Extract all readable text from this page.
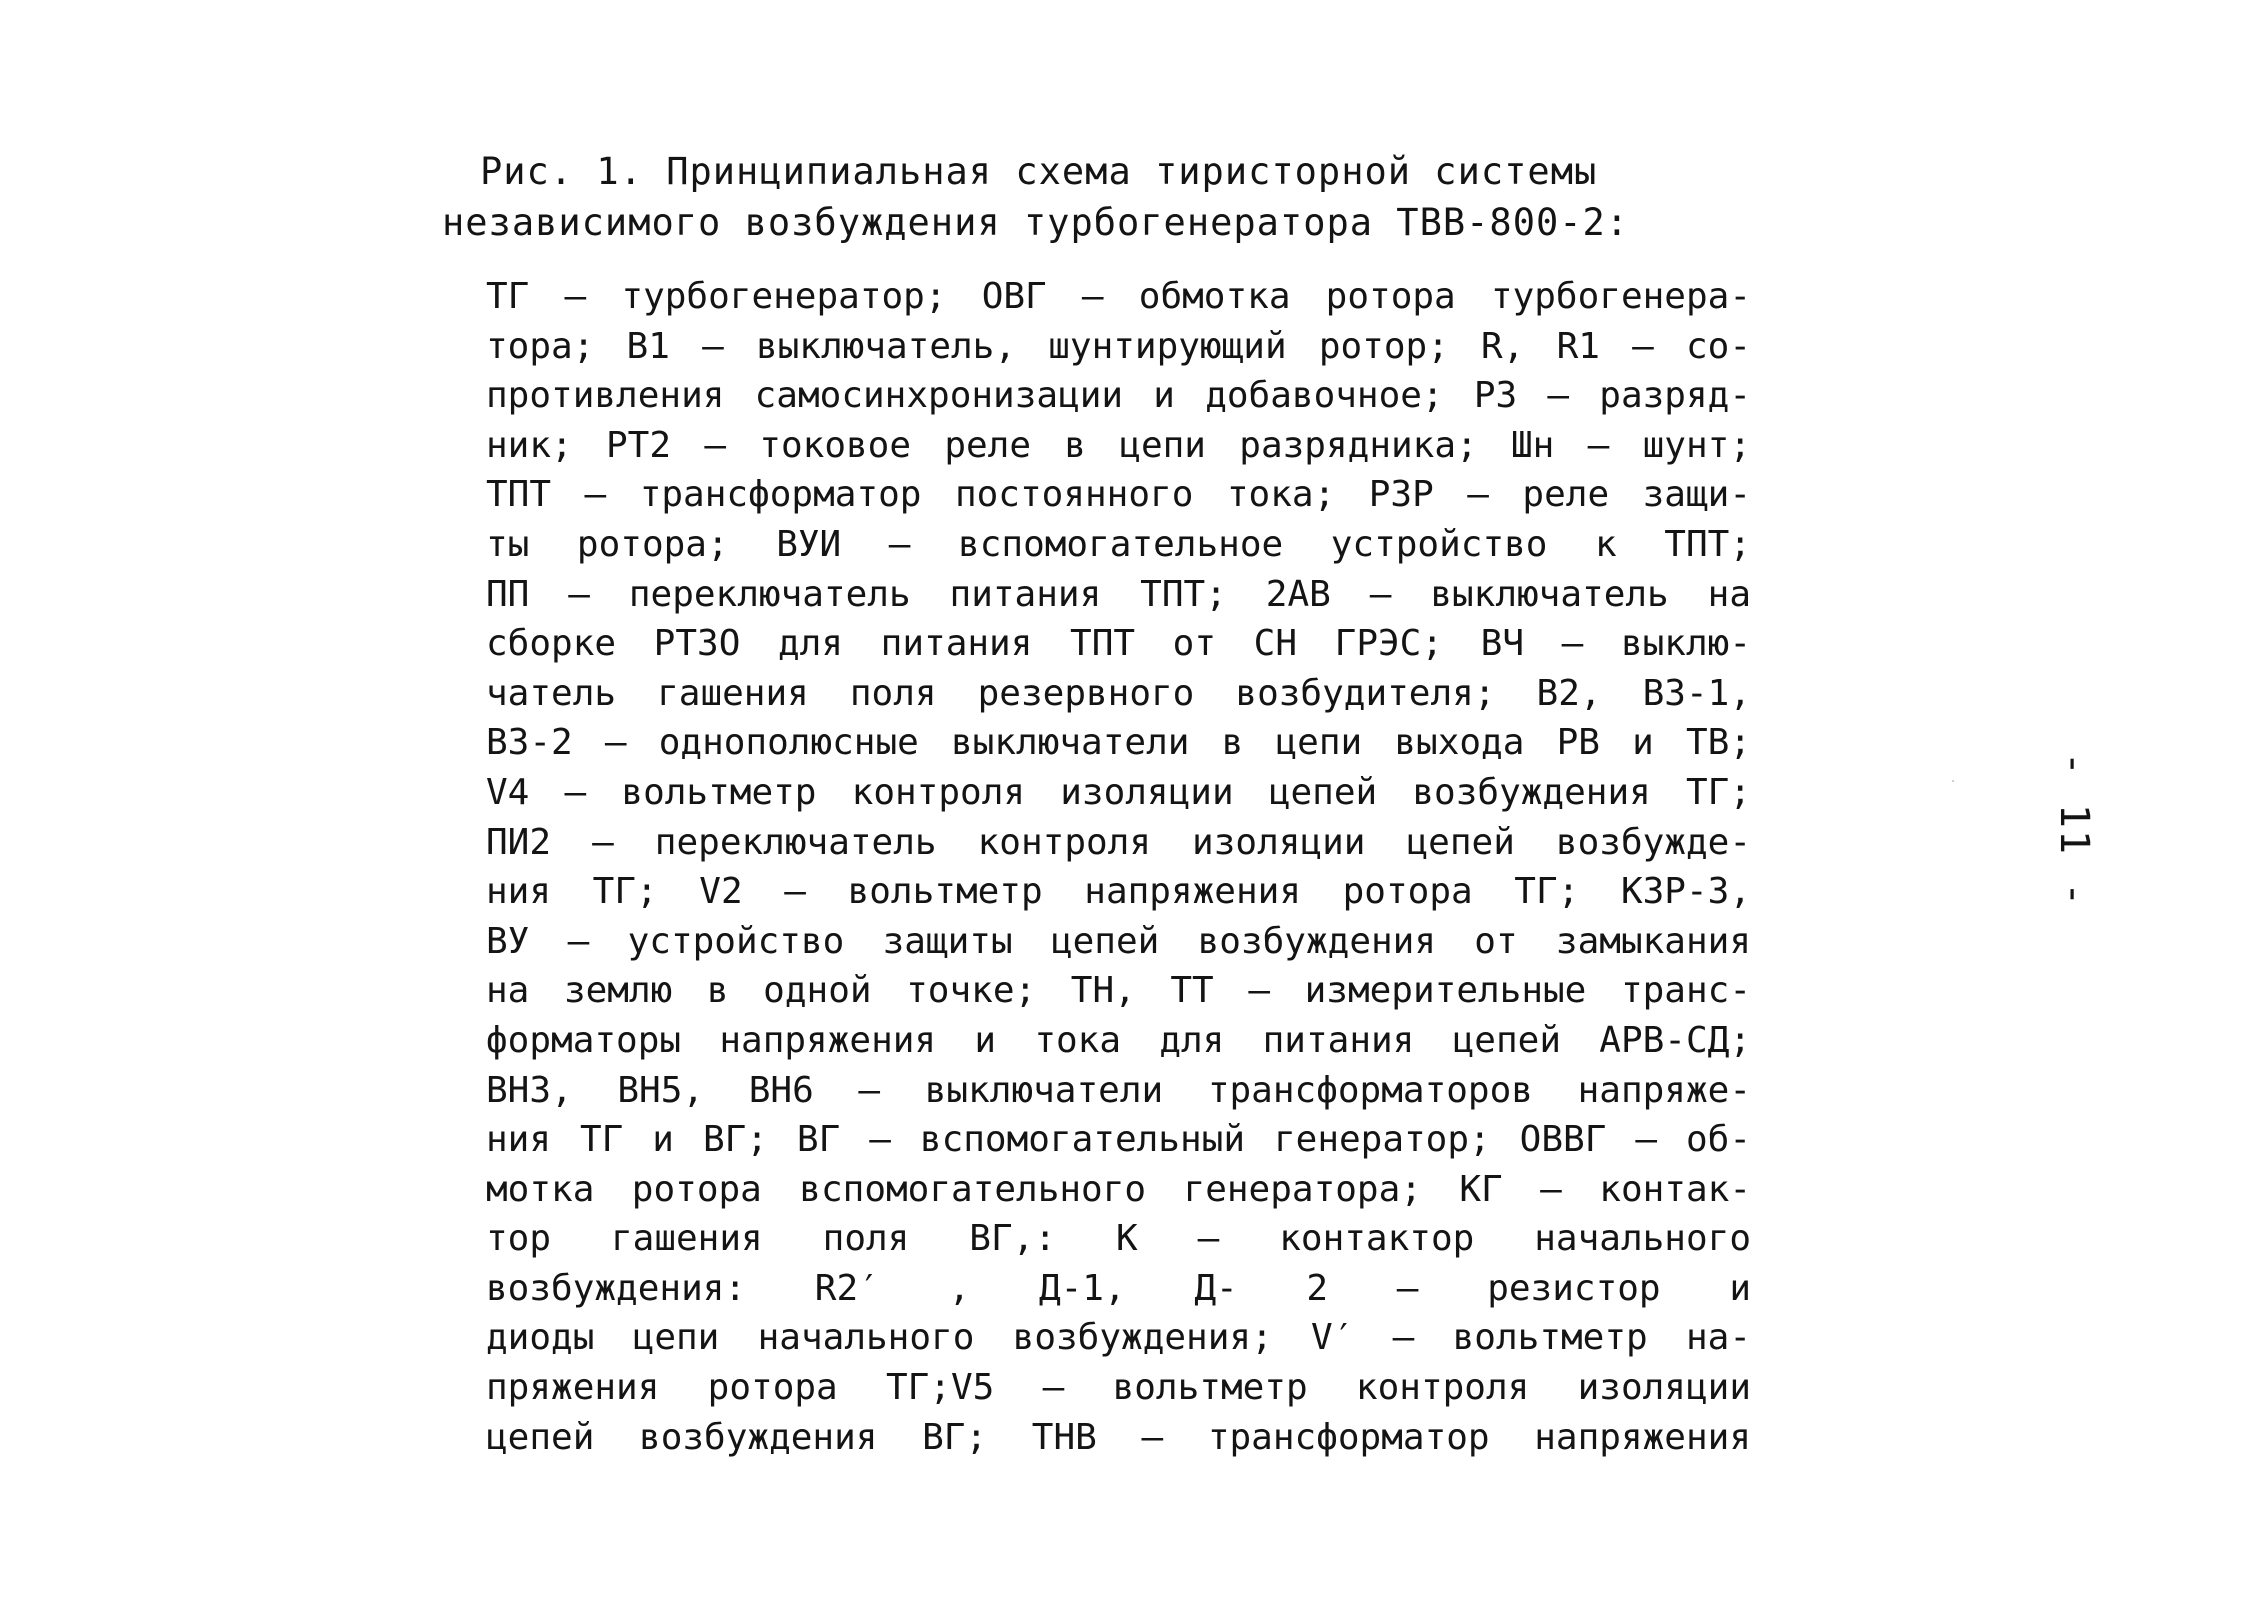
Рис. 1. Принципиальная схема тиристорной системы
независимого возбуждения турбогенератора ТВВ-800-2:
ТГ – турбогенератор; ОВГ – обмотка ротора турбогенера-
тора; В1 – выключатель, шунтирующий ротор; R, R1 – со-
противления самосинхронизации и добавочное; РЗ – разряд-
ник; РТ2 – токовое реле в цепи разрядника; Шн – шунт;
ТПТ – трансформатор постоянного тока; РЗР – реле защи-
ты ротора; ВУИ – вспомогательное устройство к ТПТ;
ПП – переключатель питания ТПТ; 2АВ – выключатель на
сборке РТЗО для питания ТПТ от СН ГРЭС; ВЧ – выклю-
чатель гашения поля резервного возбудителя; В2, В3-1,
В3-2 – однополюсные выключатели в цепи выхода РВ и ТВ;
V4 – вольтметр контроля изоляции цепей возбуждения ТГ;
ПИ2 – переключатель контроля изоляции цепей возбужде-
ния ТГ; V2 – вольтметр напряжения ротора ТГ; КЗР-3,
ВУ – устройство защиты цепей возбуждения от замыкания
на землю в одной точке; ТН, ТТ – измерительные транс-
форматоры напряжения и тока для питания цепей АРВ-СД;
ВН3, ВН5, ВН6 – выключатели трансформаторов напряже-
ния ТГ и ВГ; ВГ – вспомогательный генератор; ОВВГ – об-
мотка ротора вспомогательного генератора; КГ – контак-
тор гашения поля ВГ,: К – контактор начального
возбуждения: R2′ , Д-1, Д- 2 – резистор и
диоды цепи начального возбуждения; V′ – вольтметр на-
пряжения ротора ТГ;V5 – вольтметр контроля изоляции
цепей возбуждения ВГ; ТНВ – трансформатор напряжения
- 11 -
